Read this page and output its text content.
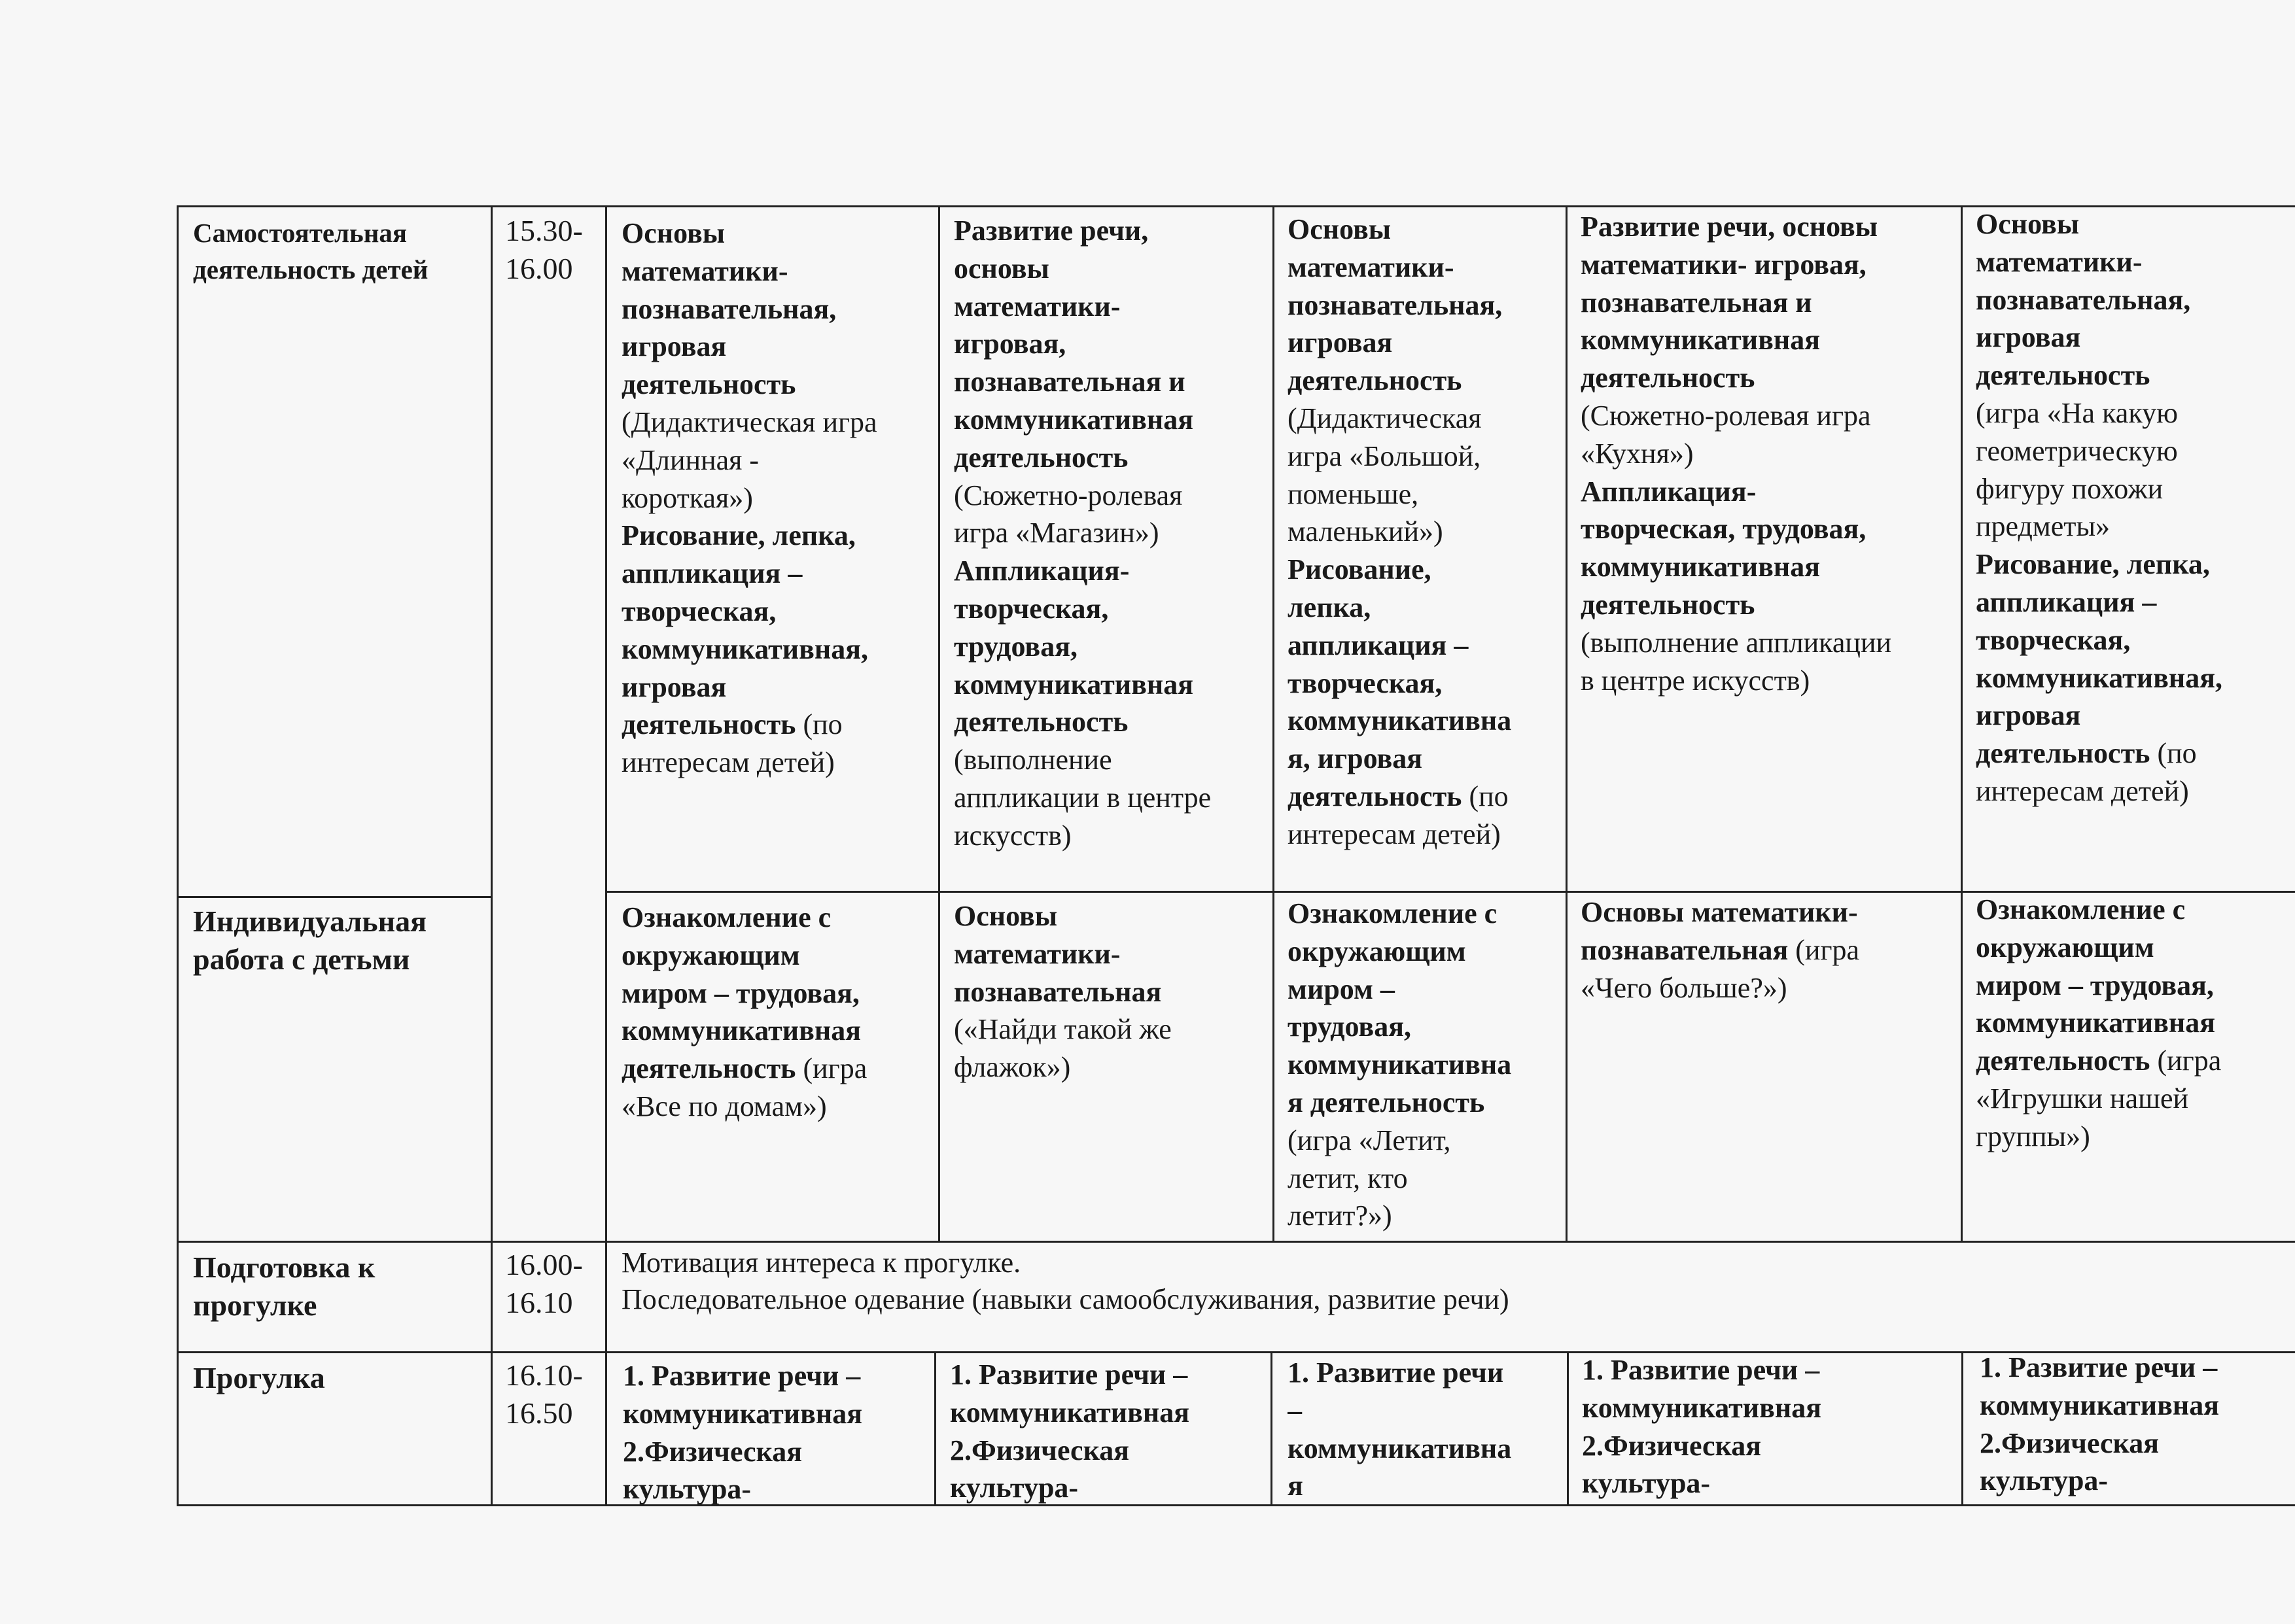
Самостоятельная
деятельность детей
15.30-
16.00
Основы
математики-
познавательная,
игровая
деятельность
(Дидактическая игра
«Длинная -
короткая»)
Рисование, лепка,
аппликация –
творческая,
коммуникативная,
игровая
деятельность (по
интересам детей)
Развитие речи,
основы
математики-
игровая,
познавательная и
коммуникативная
деятельность
(Сюжетно-ролевая
игра «Магазин»)
Аппликация-
творческая,
трудовая,
коммуникативная
деятельность
(выполнение
аппликации в центре
искусств)
Основы
математики-
познавательная,
игровая
деятельность
(Дидактическая
игра «Большой,
поменьше,
маленький»)
Рисование,
лепка,
аппликация –
творческая,
коммуникативна
я, игровая
деятельность (по
интересам детей)
Развитие речи, основы
математики- игровая,
познавательная и
коммуникативная
деятельность
(Сюжетно-ролевая игра
«Кухня»)
Аппликация-
творческая, трудовая,
коммуникативная
деятельность
(выполнение аппликации
в центре искусств)
Основы
математики-
познавательная,
игровая
деятельность
(игра «На какую
геометрическую
фигуру похожи
предметы»
Рисование, лепка,
аппликация –
творческая,
коммуникативная,
игровая
деятельность (по
интересам детей)
Индивидуальная
работа с детьми
Ознакомление с
окружающим
миром – трудовая,
коммуникативная
деятельность (игра
«Все по домам»)
Основы
математики-
познавательная
(«Найди такой же
флажок»)
Ознакомление с
окружающим
миром –
трудовая,
коммуникативна
я деятельность
(игра «Летит,
летит, кто
летит?»)
Основы математики-
познавательная (игра
«Чего больше?»)
Ознакомление с
окружающим
миром – трудовая,
коммуникативная
деятельность (игра
«Игрушки нашей
группы»)
Подготовка к
прогулке
16.00-
16.10
Мотивация интереса к прогулке.
Последовательное одевание (навыки самообслуживания, развитие речи)
Прогулка	16.10-
16.50
1. Развитие речи –
коммуникативная
2.Физическая
культура-
1. Развитие речи –
коммуникативная
2.Физическая
культура-
1. Развитие речи
–
коммуникативна
я
1. Развитие речи –
коммуникативная
2.Физическая
культура-
1. Развитие речи –
коммуникативная
2.Физическая
культура-
